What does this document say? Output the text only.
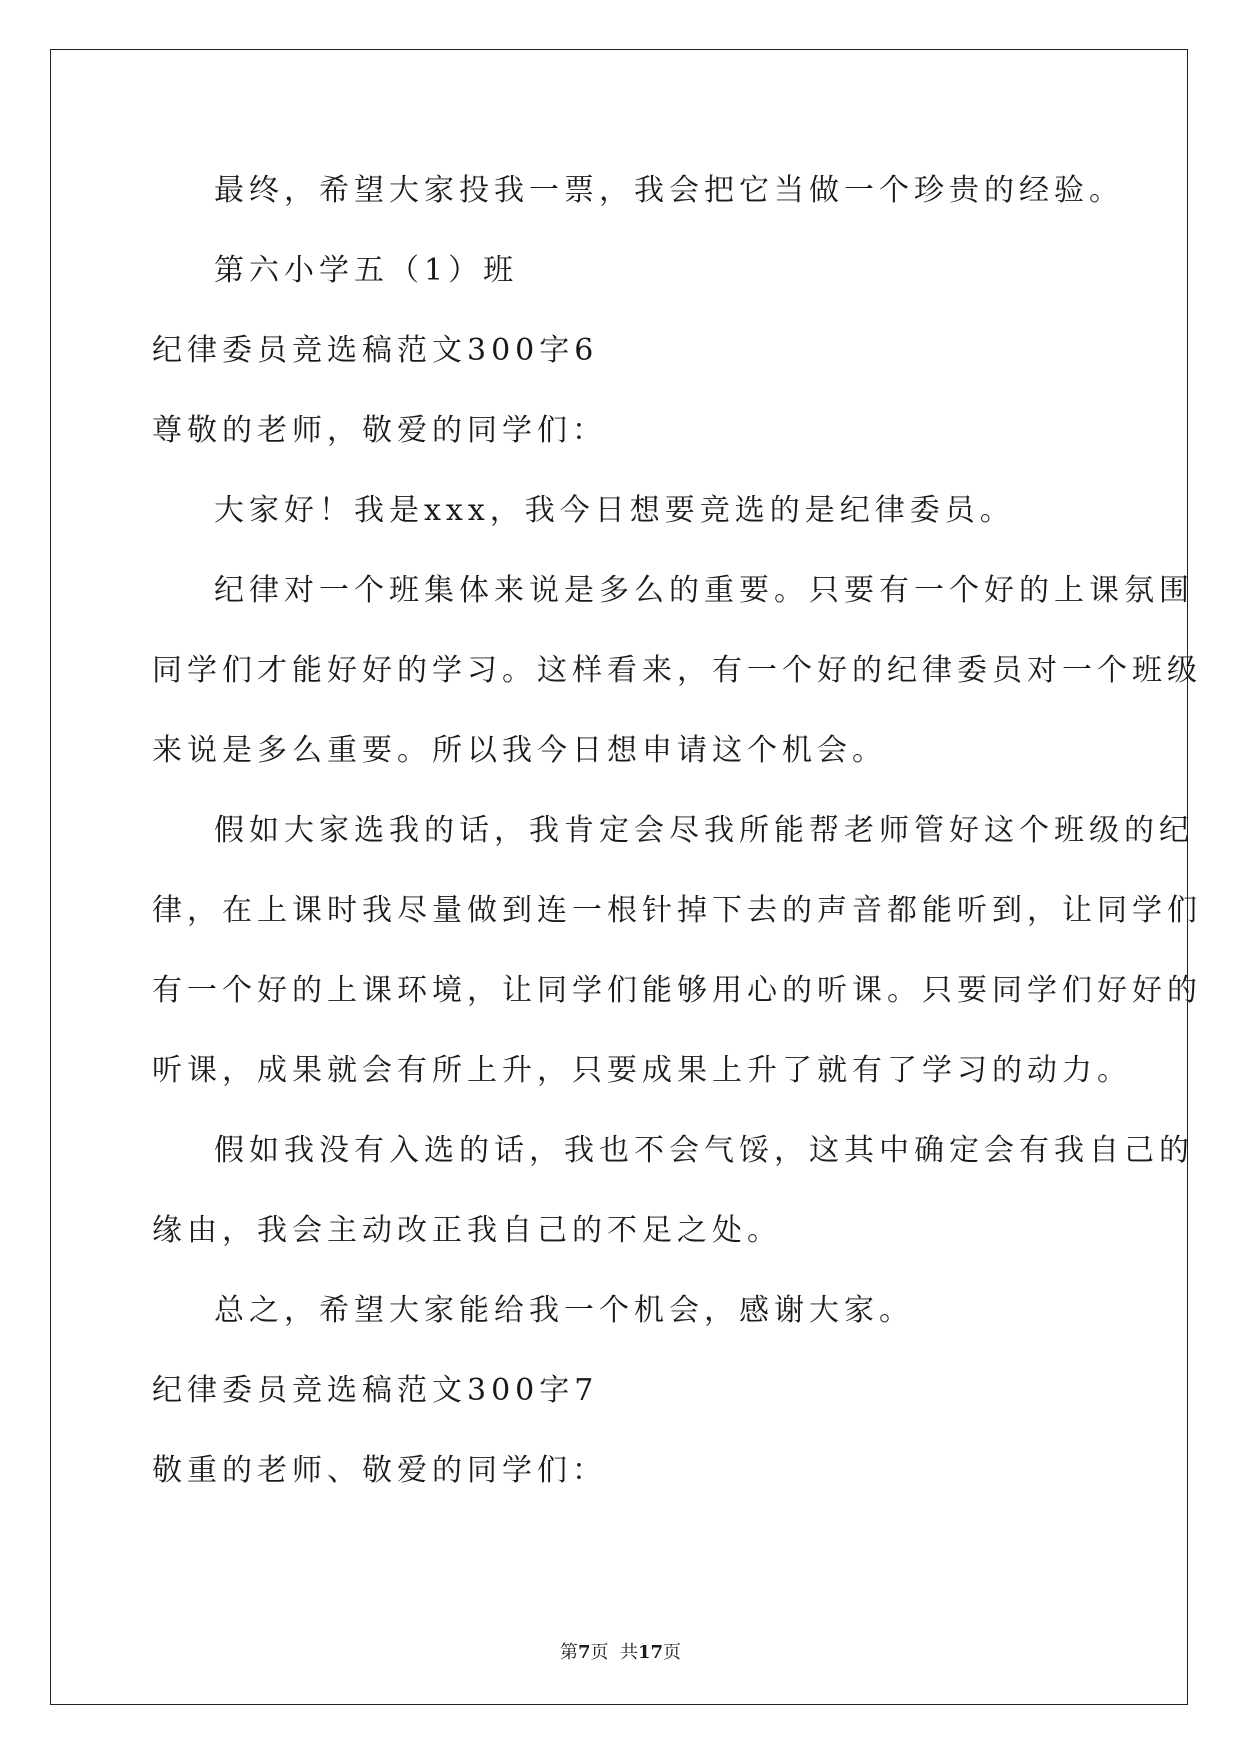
最终，希望大家投我一票，我会把它当做一个珍贵的经验。
第六小学五（1）班
纪律委员竞选稿范文300字6
尊敬的老师，敬爱的同学们：
大家好！我是xxx，我今日想要竞选的是纪律委员。
纪律对一个班集体来说是多么的重要。只要有一个好的上课氛围
同学们才能好好的学习。这样看来，有一个好的纪律委员对一个班级
来说是多么重要。所以我今日想申请这个机会。
假如大家选我的话，我肯定会尽我所能帮老师管好这个班级的纪
律，在上课时我尽量做到连一根针掉下去的声音都能听到，让同学们
有一个好的上课环境，让同学们能够用心的听课。只要同学们好好的
听课，成果就会有所上升，只要成果上升了就有了学习的动力。
假如我没有入选的话，我也不会气馁，这其中确定会有我自己的
缘由，我会主动改正我自己的不足之处。
总之，希望大家能给我一个机会，感谢大家。
纪律委员竞选稿范文300字7
敬重的老师、敬爱的同学们：
第7页  共17页
